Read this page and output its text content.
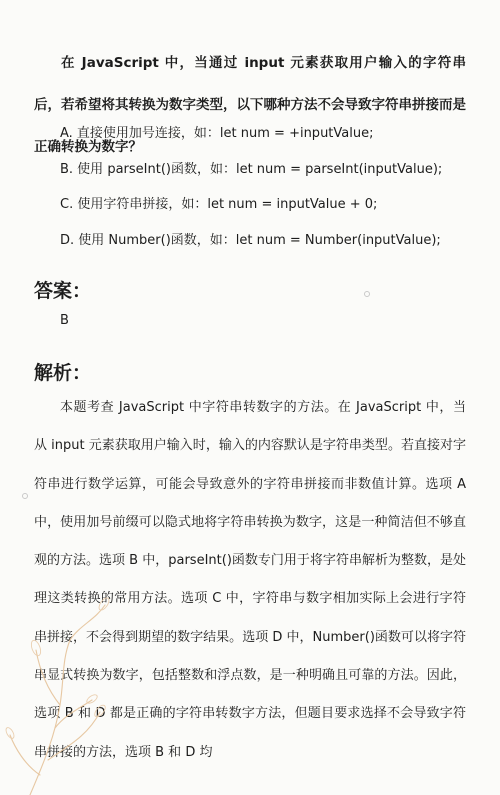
在 JavaScript 中，当通过 input 元素获取用户输入的字符串后，若希望将其转换为数字类型，以下哪种方法不会导致字符串拼接而是正确转换为数字？
A. 直接使用加号连接，如：let num = +inputValue;
B. 使用 parseInt()函数，如：let num = parseInt(inputValue);
C. 使用字符串拼接，如：let num = inputValue + 0;
D. 使用 Number()函数，如：let num = Number(inputValue);
答案：
B
解析：
本题考查 JavaScript 中字符串转数字的方法。在 JavaScript 中，当从 input 元素获取用户输入时，输入的内容默认是字符串类型。若直接对字符串进行数学运算，可能会导致意外的字符串拼接而非数值计算。选项 A 中，使用加号前缀可以隐式地将字符串转换为数字，这是一种简洁但不够直观的方法。选项 B 中，parseInt()函数专门用于将字符串解析为整数，是处理这类转换的常用方法。选项 C 中，字符串与数字相加实际上会进行字符串拼接，不会得到期望的数字结果。选项 D 中，Number()函数可以将字符串显式转换为数字，包括整数和浮点数，是一种明确且可靠的方法。因此，选项 B 和 D 都是正确的字符串转数字方法，但题目要求选择不会导致字符串拼接的方法，选项 B 和 D 均
